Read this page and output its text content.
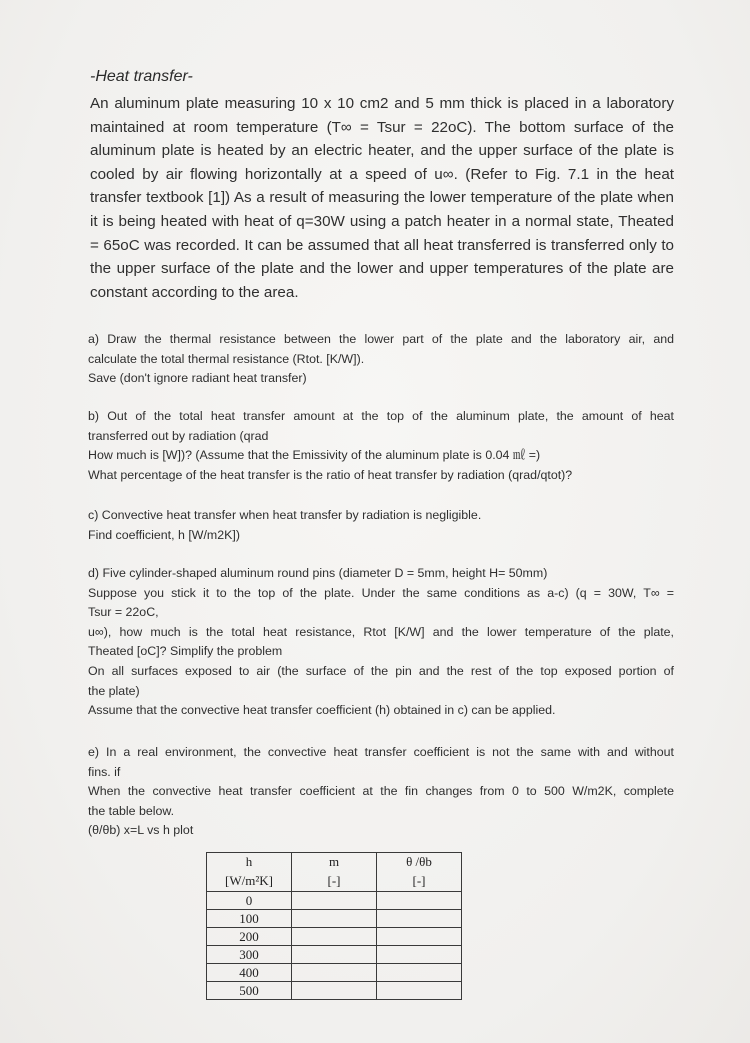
-Heat transfer-
An aluminum plate measuring 10 x 10 cm2 and 5 mm thick is placed in a laboratory maintained at room temperature (T∞ = Tsur = 22oC). The bottom surface of the aluminum plate is heated by an electric heater, and the upper surface of the plate is cooled by air flowing horizontally at a speed of u∞. (Refer to Fig. 7.1 in the heat transfer textbook [1]) As a result of measuring the lower temperature of the plate when it is being heated with heat of q=30W using a patch heater in a normal state, Theated = 65oC was recorded. It can be assumed that all heat transferred is transferred only to the upper surface of the plate and the lower and upper temperatures of the plate are constant according to the area.
a) Draw the thermal resistance between the lower part of the plate and the laboratory air, and
calculate the total thermal resistance (Rtot. [K/W]).
Save (don't ignore radiant heat transfer)
b) Out of the total heat transfer amount at the top of the aluminum plate, the amount of heat
transferred out by radiation (qrad
How much is [W])? (Assume that the Emissivity of the aluminum plate is 0.04 ㎖ =)
What percentage of the heat transfer is the ratio of heat transfer by radiation (qrad/qtot)?
c) Convective heat transfer when heat transfer by radiation is negligible.
Find coefficient, h [W/m2K])
d) Five cylinder-shaped aluminum round pins (diameter D = 5mm, height H= 50mm)
Suppose you stick it to the top of the plate. Under the same conditions as a-c) (q = 30W, T∞ =
Tsur = 22oC,
u∞), how much is the total heat resistance, Rtot [K/W] and the lower temperature of the plate,
Theated [oC]? Simplify the problem
On all surfaces exposed to air (the surface of the pin and the rest of the top exposed portion of
the plate)
Assume that the convective heat transfer coefficient (h) obtained in c) can be applied.
e) In a real environment, the convective heat transfer coefficient is not the same with and without
fins. if
When the convective heat transfer coefficient at the fin changes from 0 to 500 W/m2K, complete
the table below.
(θ/θb) x=L vs h plot
h	m	θ /θb
[W/m²K]	[-]	[-]
0		
100		
200		
300		
400		
500		
